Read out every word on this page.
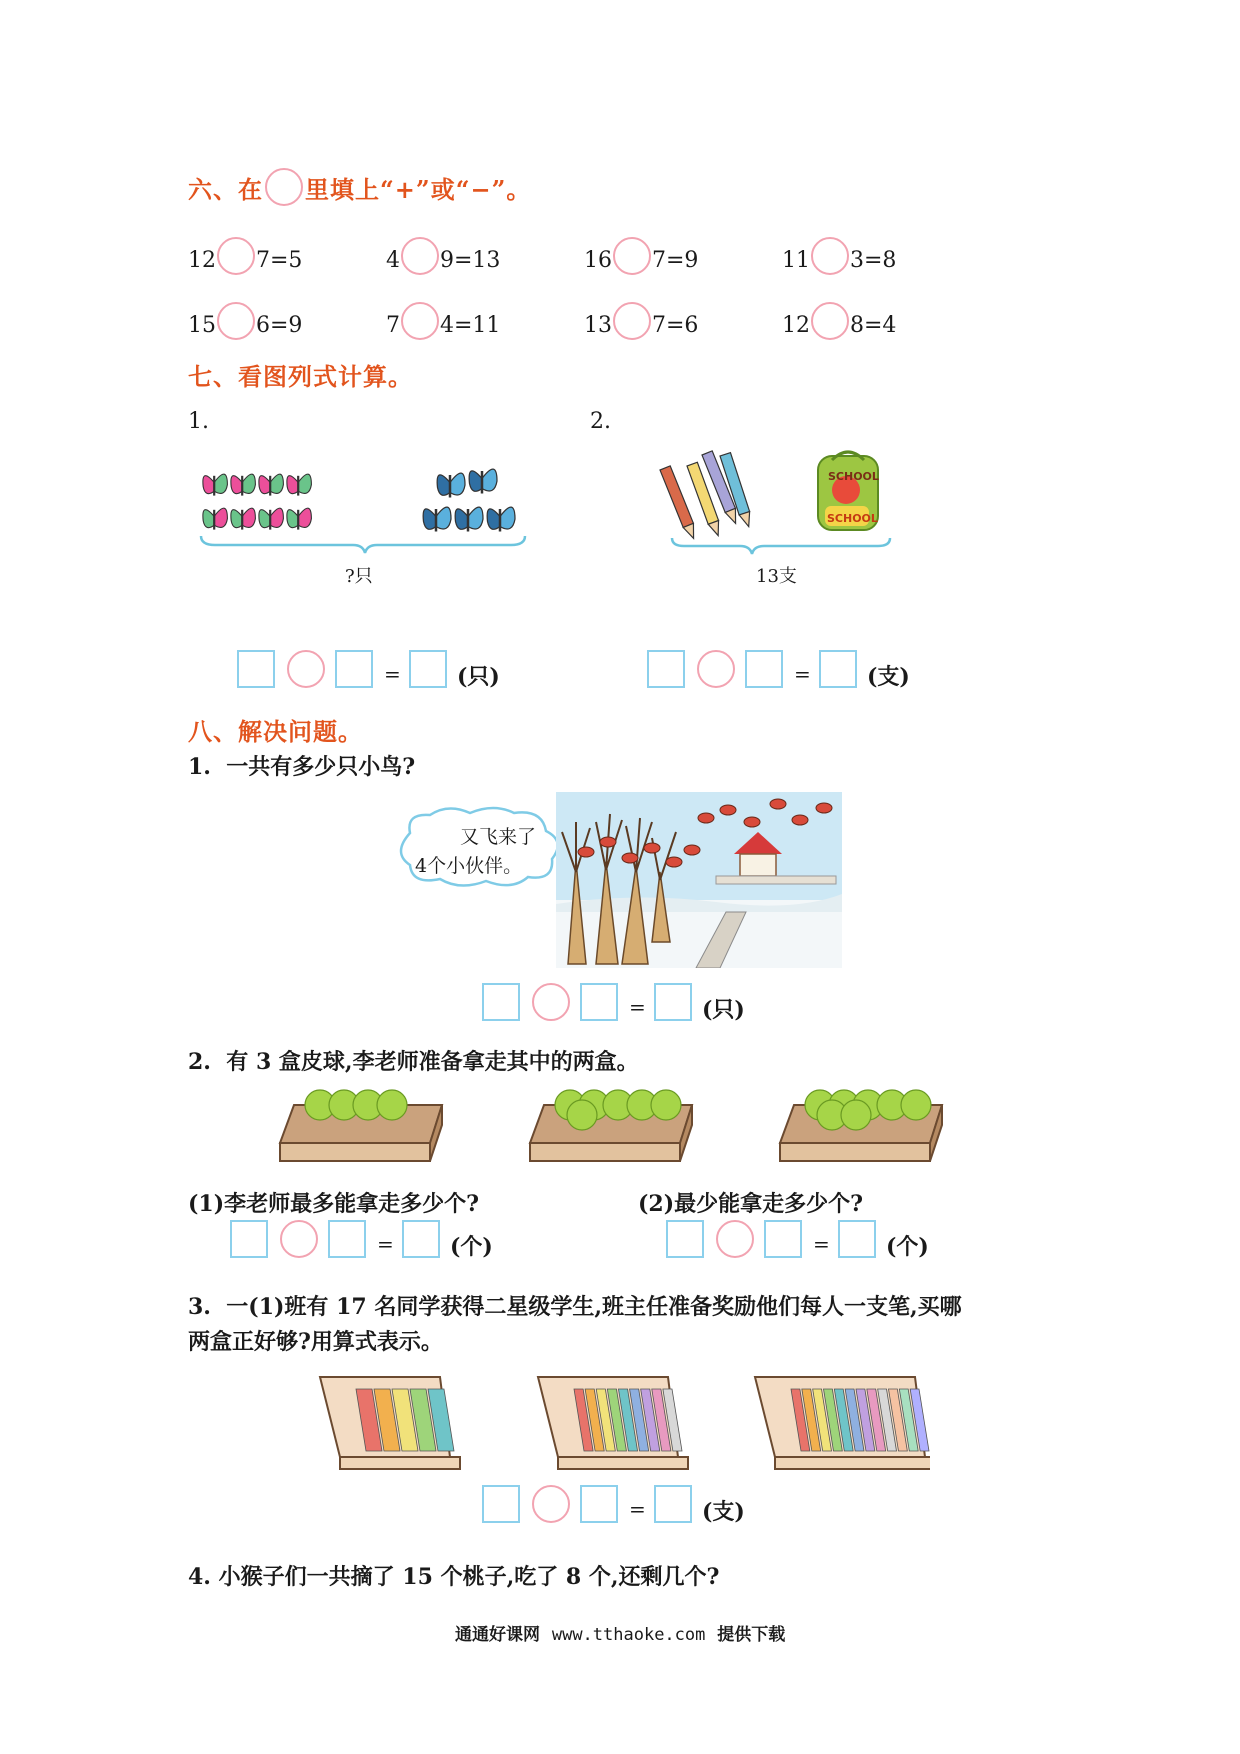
六、在 里填上“+”或“−”。
12 7=5	4 9=13	16 7=9	11 3=8
15 6=9	7 4=11	13 7=6	12 8=4
七、看图列式计算。
1.	2.
?只
SCHOOL
SCHOOL
13支
=	(只)	=	(支)
=	(只)
=	(个)	=	(个)
=	(支)
八、解决问题。
1. 一共有多少只小鸟?
又飞来了
4个小伙伴。
2. 有 3 盒皮球,李老师准备拿走其中的两盒。
(1)李老师最多能拿走多少个?	(2)最少能拿走多少个?
3. 一(1)班有 17 名同学获得二星级学生,班主任准备奖励他们每人一支笔,买哪
两盒正好够?用算式表示。
4. 小猴子们一共摘了 15 个桃子,吃了 8 个,还剩几个?
通通好课网 www.tthaoke.com 提供下载
